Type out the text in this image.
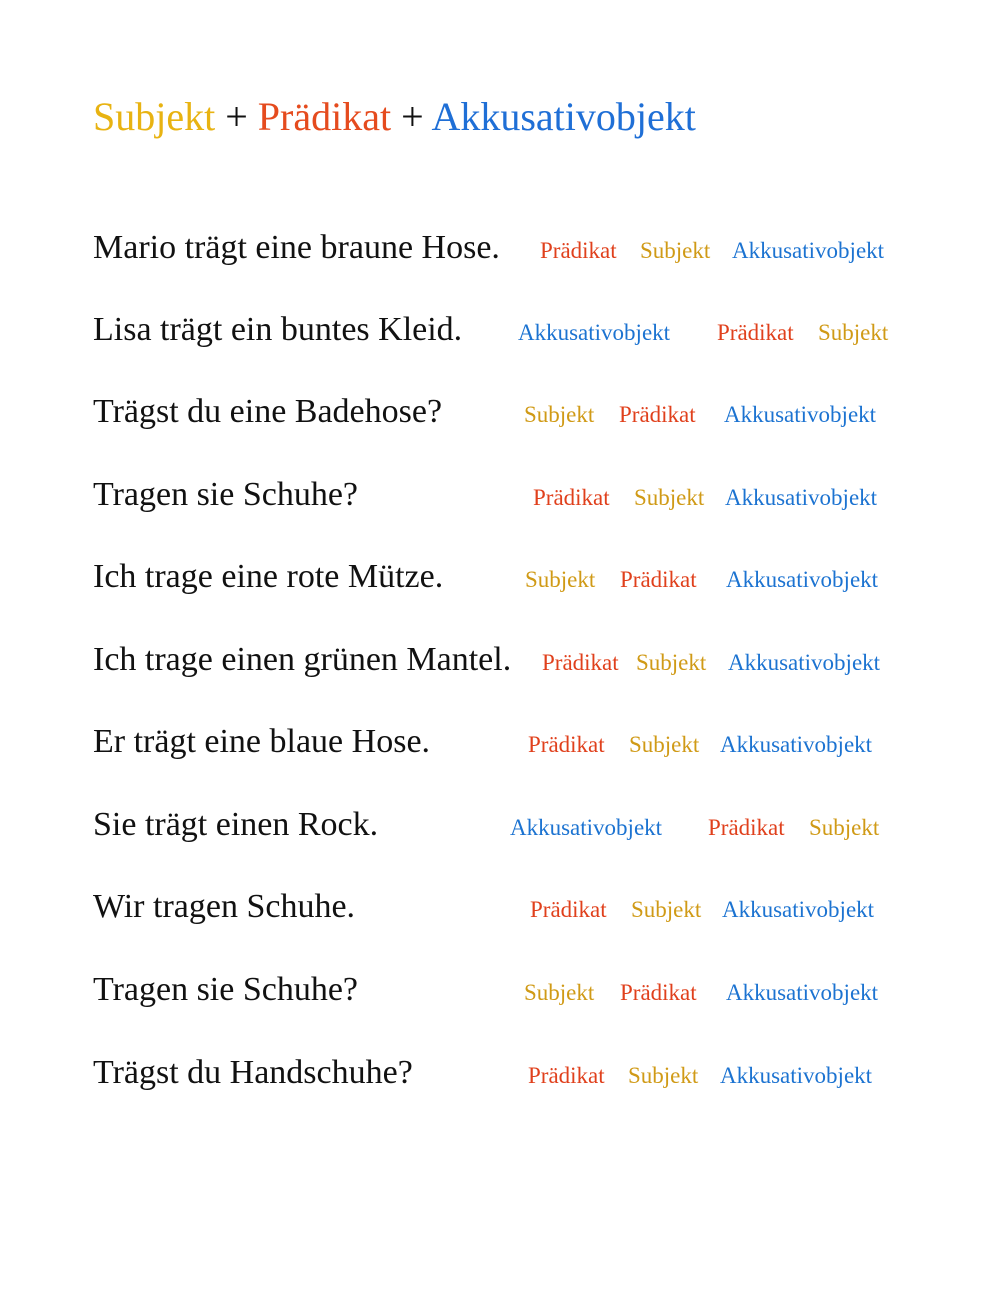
Subjekt + Prädikat + Akkusativobjekt
Mario trägt eine braune Hose. Prädikat Subjekt Akkusativobjekt
Lisa trägt ein buntes Kleid. Akkusativobjekt Prädikat Subjekt
Trägst du eine Badehose?	Subjekt Prädikat Akkusativobjekt
Tragen sie Schuhe?	Prädikat Subjekt Akkusativobjekt
Ich trage eine rote Mütze.	Subjekt Prädikat Akkusativobjekt
Ich trage einen grünen Mantel. Prädikat Subjekt Akkusativobjekt
Er trägt eine blaue Hose.	Prädikat Subjekt Akkusativobjekt
Sie trägt einen Rock.	Akkusativobjekt Prädikat Subjekt
Wir tragen Schuhe.	Prädikat Subjekt Akkusativobjekt
Tragen sie Schuhe?	Subjekt Prädikat Akkusativobjekt
Trägst du Handschuhe?	Prädikat Subjekt Akkusativobjekt
